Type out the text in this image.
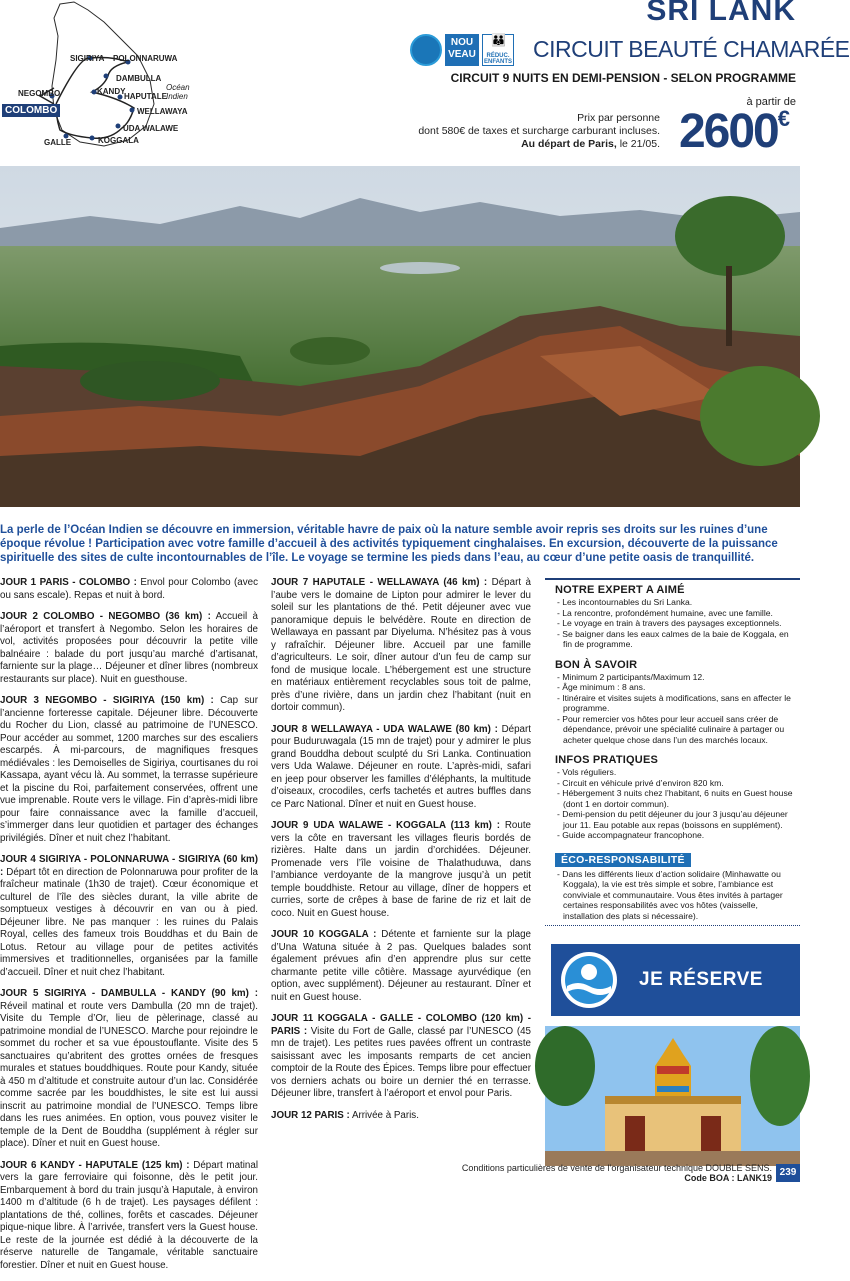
SIGIRIYA POLONNARUWA
DAMBULLA
KANDY
HAPUTALE
NEGOMBO
WELLAWAYA
UDA WALAWE
GALLE	KOGGALA
Océan Indien
COLOMBO
SRI LANK
NOU
VEAU
👪	RÉDUC. ENFANTS CIRCUIT BEAUTÉ CHAMARÉE
CIRCUIT 9 NUITS EN DEMI-PENSION - SELON PROGRAMME
à partir de
Prix par personne
dont 580€ de taxes et surcharge carburant incluses.
Au départ de Paris, le 21/05. 2600€
La perle de l’Océan Indien se découvre en immersion, véritable havre de paix où la nature semble avoir repris ses droits sur les ruines d’une époque révolue ! Participation avec votre famille d’accueil à des activités typiquement cinghalaises. En excursion, découverte de la puissance spirituelle des sites de culte incontournables de l’île. Le voyage se termine les pieds dans l’eau, au cœur d’une petite oasis de tranquillité.

JOUR 1 PARIS - COLOMBO : Envol pour Colombo (avec ou sans escale). Repas et nuit à bord.

JOUR 2 COLOMBO - NEGOMBO (36 km) : Accueil à l’aéroport et transfert à Negombo. Selon les horaires de vol, activités proposées pour découvrir la petite ville balnéaire : balade du port jusqu’au marché d’artisanat, farniente sur la plage… Déjeuner et dîner libres (nombreux restaurants sur place). Nuit en guesthouse.

JOUR 3 NEGOMBO - SIGIRIYA (150 km) : Cap sur l’ancienne forteresse capitale. Déjeuner libre. Découverte du Rocher du Lion, classé au patrimoine de l’UNESCO. Pour accéder au sommet, 1200 marches sur des escaliers escarpés. À mi-parcours, de magnifiques fresques médiévales : les Demoiselles de Sigiriya, courtisanes du roi Kassapa, ayant vécu là. Au sommet, la terrasse supérieure et la piscine du Roi, parfaitement conservées, offrent une vue imprenable. Route vers le village. Fin d’après-midi libre pour faire connaissance avec la famille d’accueil, s’immerger dans leur quotidien et partager des échanges privilégiés. Dîner et nuit chez l’habitant.

JOUR 4 SIGIRIYA - POLONNARUWA - SIGIRIYA (60 km) : Départ tôt en direction de Polonnaruwa pour profiter de la fraîcheur matinale (1h30 de trajet). Cœur économique et culturel de l’île des siècles durant, la ville abrite de somptueux vestiges à découvrir en van ou à pied. Déjeuner libre. Ne pas manquer : les ruines du Palais Royal, celles des fameux trois Bouddhas et du Bain de Lotus. Retour au village pour de petites activités immersives et traditionnelles, organisées par la famille d’accueil. Dîner et nuit chez l’habitant.

JOUR 5 SIGIRIYA - DAMBULLA - KANDY (90 km) : Réveil matinal et route vers Dambulla (20 mn de trajet). Visite du Temple d’Or, lieu de pèlerinage, classé au patrimoine mondial de l’UNESCO. Marche pour rejoindre le sommet du rocher et sa vue époustouflante. Visite des 5 sanctuaires qu’abritent des grottes ornées de fresques murales et statues bouddhiques. Route pour Kandy, située à 450 m d’altitude et construite autour d’un lac. Considérée comme sacrée par les bouddhistes, le site est lui aussi inscrit au patrimoine mondial de l’UNESCO. Temps libre dans les rues animées. En option, vous pouvez visiter le temple de la Dent de Bouddha (supplément à régler sur place). Dîner et nuit en Guest house.

JOUR 6 KANDY - HAPUTALE (125 km) : Départ matinal vers la gare ferroviaire qui foisonne, dès le petit jour. Embarquement à bord du train jusqu’à Haputale, à environ 1400 m d’altitude (6 h de trajet). Les paysages défilent : plantations de thé, collines, forêts et cascades. Déjeuner pique-nique libre. À l’arrivée, transfert vers la Guest house. Le reste de la journée est dédié à la découverte de la réserve naturelle de Tangamale, véritable sanctuaire forestier. Dîner et nuit en Guest house.

JOUR 7 HAPUTALE - WELLAWAYA (46 km) : Départ à l’aube vers le domaine de Lipton pour admirer le lever du soleil sur les plantations de thé. Petit déjeuner avec vue panoramique depuis le belvédère. Route en direction de Wellawaya en passant par Diyeluma. N’hésitez pas à vous y rafraîchir. Déjeuner libre. Accueil par une famille d’agriculteurs. Le soir, dîner autour d’un feu de camp sur fond de musique locale. L’hébergement est une structure en matériaux entièrement recyclables sous toit de palme, près d’une rivière, dans un jardin chez l’habitant (nuit en dortoir commun).

JOUR 8 WELLAWAYA - UDA WALAWE (80 km) : Départ pour Buduruwagala (15 mn de trajet) pour y admirer le plus grand Bouddha debout sculpté du Sri Lanka. Continuation vers Uda Walawe. Déjeuner en route. L’après-midi, safari en jeep pour observer les familles d’éléphants, la multitude d’oiseaux, crocodiles, cerfs tachetés et autres buffles dans ce Parc National. Dîner et nuit en Guest house.

JOUR 9 UDA WALAWE - KOGGALA (113 km) : Route vers la côte en traversant les villages fleuris bordés de rizières. Halte dans un jardin d’orchidées. Déjeuner. Promenade vers l’île voisine de Thalathuduwa, dans l’ambiance verdoyante de la mangrove jusqu’à un petit temple bouddhiste. Retour au village, dîner de hoppers et curries, sorte de crêpes à base de farine de riz et lait de coco. Nuit en Guest house.

JOUR 10 KOGGALA : Détente et farniente sur la plage d’Una Watuna située à 2 pas. Quelques balades sont également prévues afin d’en apprendre plus sur cette charmante petite ville côtière. Massage ayurvédique (en option, avec supplément). Déjeuner au restaurant. Dîner et nuit en Guest house.

JOUR 11 KOGGALA - GALLE - COLOMBO (120 km) - PARIS : Visite du Fort de Galle, classé par l’UNESCO (45 mn de trajet). Les petites rues pavées offrent un contraste saisissant avec les imposants remparts de cet ancien comptoir de la Route des Épices. Temps libre pour effectuer vos derniers achats ou boire un dernier thé en terrasse. Déjeuner libre, transfert à l’aéroport et envol pour Paris.

JOUR 12 PARIS : Arrivée à Paris.

NOTRE EXPERT A AIMÉ
- Les incontournables du Sri Lanka.
- La rencontre, profondément humaine, avec une famille.
- Le voyage en train à travers des paysages exceptionnels.
- Se baigner dans les eaux calmes de la baie de Koggala, en fin de programme.
BON À SAVOIR
- Minimum 2 participants/Maximum 12.
- Âge minimum : 8 ans.
- Itinéraire et visites sujets à modifications, sans en affecter le programme.
- Pour remercier vos hôtes pour leur accueil sans créer de dépendance, prévoir une spécialité culinaire à partager ou acheter quelque chose dans l’un des marchés locaux.
INFOS PRATIQUES
- Vols réguliers.
- Circuit en véhicule privé d’environ 820 km.
- Hébergement 3 nuits chez l’habitant, 6 nuits en Guest house (dont 1 en dortoir commun).
- Demi-pension du petit déjeuner du jour 3 jusqu’au déjeuner jour 11. Eau potable aux repas (boissons en supplément).
- Guide accompagnateur francophone.
ÉCO-RESPONSABILITÉ
- Dans les différents lieux d’action solidaire (Minhawatte ou Koggala), la vie est très simple et sobre, l’ambiance est conviviale et communautaire. Vous êtes invités à partager certaines responsabilités avec vos hôtes (vaisselle, installation des plats si nécessaire).
JE RÉSERVE
Conditions particulières de vente de l’organisateur technique DOUBLE SENS.
Code BOA : LANK19 239
